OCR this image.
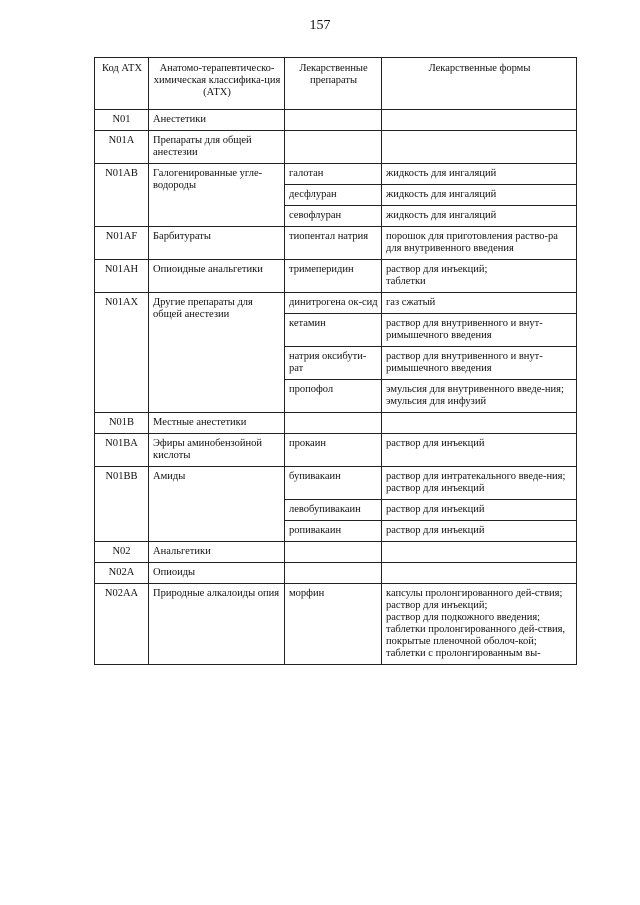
157
Код АТХ	Анатомо-терапевтическо-химическая классифика-ция (АТХ)	Лекарственные препараты	Лекарственные формы
N01	Анестетики		
N01A	Препараты для общей анестезии		
N01AB	Галогенированные угле-водороды	галотан	жидкость для ингаляций
		десфлуран	жидкость для ингаляций
		севофлуран	жидкость для ингаляций
N01AF	Барбитураты	тиопентал натрия	порошок для приготовления раство-ра для внутривенного введения
N01AH	Опиоидные анальгетики	тримеперидин	раствор для инъекций;
таблетки
N01AX	Другие препараты для общей анестезии	динитрогена ок-сид	газ сжатый
		кетамин	раствор для внутривенного и внут-римышечного введения
		натрия оксибути-рат	раствор для внутривенного и внут-римышечного введения
		пропофол	эмульсия для внутривенного введе-ния;
эмульсия для инфузий
N01B	Местные анестетики		
N01BA	Эфиры аминобензойной кислоты	прокаин	раствор для инъекций
N01BB	Амиды	бупивакаин	раствор для интратекального введе-ния;
раствор для инъекций
		левобупивакаин	раствор для инъекций
		ропивакаин	раствор для инъекций
N02	Анальгетики		
N02A	Опиоиды		
N02AA	Природные алкалоиды опия	морфин	капсулы пролонгированного дей-ствия;
раствор для инъекций;
раствор для подкожного введения;
таблетки пролонгированного дей-ствия, покрытые пленочной оболоч-кой;
таблетки с пролонгированным вы-
